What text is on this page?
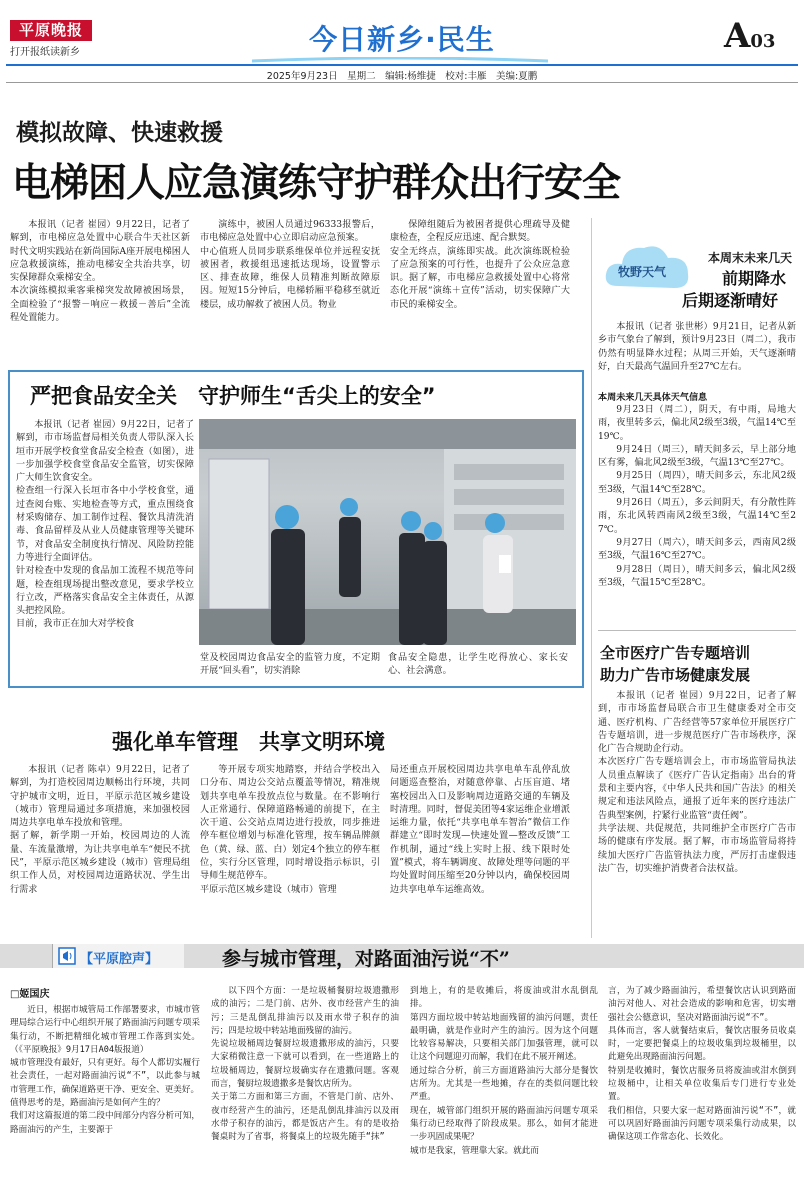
平原晚报
打开报纸读新乡	今日新乡·民生	A03
2025年9月23日　星期二　编辑:杨维捷　校对:丰雁　美编:夏鹏
模拟故障、快速救援
电梯困人应急演练守护群众出行安全

本报讯（记者 崔园）9月22日，记者了解到，市电梯应急处置中心联合牛天社区新时代文明实践站在新尚国际A座开展电梯困人应急救援演练，推动电梯安全共治共享，切实保障群众乘梯安全。
本次演练模拟乘客乘梯突发故障被困场景，全面检验了“报警－响应－救援－善后”全流程处置能力。

演练中，被困人员通过96333报警后，市电梯应急处置中心立即启动应急预案。
中心值班人员同步联系维保单位并远程安抚被困者，救援组迅速抵达现场，设置警示区、排查故障，维保人员精准判断故障原因。短短15分钟后，电梯轿厢平稳移至就近楼层，成功解救了被困人员。物业

保障组随后为被困者提供心理疏导及健康检查，全程反应迅速、配合默契。
安全无终点，演练即实战。此次演练既检验了应急预案的可行性，也提升了公众应急意识。据了解，市电梯应急救援处置中心将常态化开展“演练＋宣传”活动，切实保障广大市民的乘梯安全。

严把食品安全关　守护师生“舌尖上的安全”

本报讯（记者 崔园）9月22日，记者了解到，市市场监督局相关负责人带队深入长垣市开展学校食堂食品安全检查（如图），进一步加强学校食堂食品安全监管，切实保障广大师生饮食安全。
检查组一行深入长垣市各中小学校食堂，通过查阅台账、实地检查等方式，重点围绕食材采购储存、加工制作过程、餐饮具清洗消毒、食品留样及从业人员健康管理等关键环节，对食品安全制度执行情况、风险防控能力等进行全面评估。
针对检查中发现的食品加工流程不规范等问题，检查组现场提出整改意见，要求学校立行立改，严格落实食品安全主体责任，从源头把控风险。
目前，我市正在加大对学校食

堂及校园周边食品安全的监管力度，不定期开展“回头看”，切实消除

食品安全隐患，让学生吃得放心、家长安心、社会满意。

强化单车管理　共享文明环境

本报讯（记者 陈卓）9月22日，记者了解到，为打造校园周边顺畅出行环境，共同守护城市文明，近日，平原示范区城乡建设（城市）管理局通过多项措施，来加强校园周边共享电单车投放和管理。
据了解，新学期一开始，校园周边的人流量、车流量激增，为让共享电单车“便民不扰民”，平原示范区城乡建设（城市）管理局组织工作人员，对校园周边道路状况、学生出行需求

等开展专项实地踏察，并结合学校出入口分布、周边公交站点覆盖等情况，精准规划共享电单车投放点位与数量。在不影响行人正常通行、保障道路畅通的前提下，在主次干道、公交站点周边进行投放，同步推进停车框位增划与标准化管理，按车辆品牌颜色（黄、绿、蓝、白）划定4个独立的停车框位，实行分区管理，同时增设指示标识，引导师生规范停车。
平原示范区城乡建设（城市）管理

局还重点开展校园周边共享电单车乱停乱放问题巡查整治，对随意停靠、占压盲道、堵塞校园出入口及影响周边道路交通的车辆及时清理。同时，督促美团等4家运维企业增派运维力量，依托“共享电单车智治”微信工作群建立“即时发现—快速处置—整改反馈”工作机制，通过“线上实时上报、线下限时处置”模式，将车辆调度、故障处理等问题的平均处置时间压缩至20分钟以内，确保校园周边共享电单车运维高效。

牧野天气
本周末未来几天
前期降水
后期逐渐晴好

本报讯（记者 张世彬）9月21日，记者从新乡市气象台了解到，预计9月23日（周二），我市仍然有明显降水过程；从周三开始，天气逐渐晴好，白天最高气温回升至27℃左右。

本周未来几天具体天气信息

9月23日（周二），阴天，有中雨，局地大雨，夜里转多云，偏北风2级至3级，气温14℃至19℃。

9月24日（周三），晴天间多云，早上部分地区有雾，偏北风2级至3级，气温13℃至27℃。

9月25日（周四），晴天间多云，东北风2级至3级，气温14℃至28℃。

9月26日（周五），多云间阴天，有分散性阵雨，东北风转西南风2级至3级，气温14℃至27℃。

9月27日（周六），晴天间多云，西南风2级至3级，气温16℃至27℃。

9月28日（周日），晴天间多云，偏北风2级至3级，气温15℃至28℃。

全市医疗广告专题培训
助力广告市场健康发展

本报讯（记者 崔园）9月22日，记者了解到，市市场监督局联合市卫生健康委对全市交通、医疗机构、广告经营等57家单位开展医疗广告专题培训，进一步规范医疗广告市场秩序，深化广告合规助企行动。
本次医疗广告专题培训会上，市市场监管局执法人员重点解读了《医疗广告认定指南》出台的背景和主要内容，《中华人民共和国广告法》的相关规定和违法风险点，通报了近年来的医疗违法广告典型案例，拧紧行业监管“责任阀”。
共学法规、共促规范，共同维护全市医疗广告市场的健康有序发展。据了解，市市场监管局将持续加大医疗广告监管执法力度，严厉打击虚假违法广告，切实维护消费者合法权益。

【平原腔声】	参与城市管理，对路面油污说“不”
□姬国庆

近日，根据市城管局工作部署要求，市城市管理局综合运行中心组织开展了路面油污问题专项采集行动，不断把精细化城市管理工作落到实处。（《平原晚报》9月17日A04版报道）
城市管理没有最好，只有更好。每个人都切实履行社会责任，一起对路面油污说“不”，以此参与城市管理工作，确保道路更干净、更安全、更美好。
值得思考的是，路面油污是如何产生的？
我们对这篇报道的第二段中间部分内容分析可知，路面油污的产生，主要源于

以下四个方面：一是垃圾桶餐厨垃圾遗撒形成的油污；二是门前、店外、夜市经营产生的油污；三是乱倒乱排油污以及雨水带子积存的油污；四是垃圾中转站地面残留的油污。
先说垃圾桶周边餐厨垃圾遗撒形成的油污，只要大家稍微注意一下就可以看到，在一些道路上的垃圾桶周边，餐厨垃圾确实存在遗撒问题。客观而言，餐厨垃圾遗撒多是餐饮店所为。
关于第二方面和第三方面，不管是门前、店外、夜市经营产生的油污，还是乱倒乱排油污以及雨水带子积存的油污，都是饭店产生。有的是收拾餐桌时为了省事，将餐桌上的垃圾先随手“抹”

到地上，有的是收摊后，将废油或泔水乱倒乱排。
第四方面垃圾中转站地面残留的油污问题，责任最明确，就是作业时产生的油污。因为这个问题比较容易解决，只要相关部门加强管理，就可以让这个问题迎刃而解，我们在此不展开阐述。
通过综合分析，前三方面道路油污大部分是餐饮店所为。尤其是一些地摊，存在的类似问题比较严重。
现在，城管部门组织开展的路面油污问题专项采集行动已经取得了阶段成果。那么，如何才能进一步巩固成果呢？
城市是我家，管理靠大家。就此而

言，为了减少路面油污，希望餐饮店认识到路面油污对他人、对社会造成的影响和危害，切实增强社会公德意识，坚决对路面油污说“不”。
具体而言，客人就餐结束后，餐饮店服务员收桌时，一定要把餐桌上的垃圾收集到垃圾桶里，以此避免出现路面油污问题。
特别是收摊时，餐饮店服务员将废油或泔水倒到垃圾桶中，让相关单位收集后专门进行专业处置。
我们相信，只要大家一起对路面油污说“不”，就可以巩固好路面油污问题专项采集行动成果，以确保这项工作常态化、长效化。
